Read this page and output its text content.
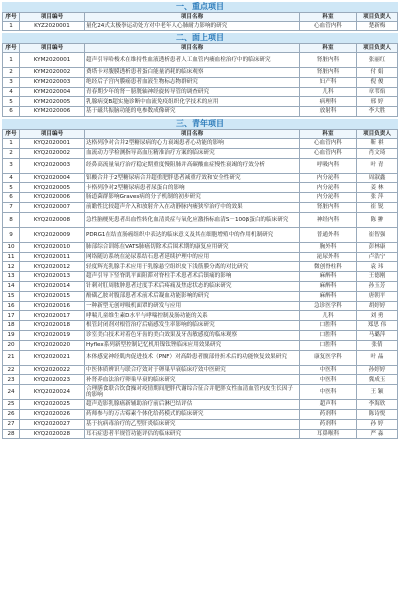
一、重点项目
序号	项目编号	项目名称	科室	项目负责人
1	KYZ2020001	量化24式太极拳运动处方对中老年人心肺耐力影响的研究	心血管内科	楚新梅
二、面上项目
序号	项目编号	项目名称	科室	项目负责人
1	KYM2020001	超声引导哈梭术在维持性血液透析患者人工血管内瘘血栓治疗中的临床研究	肾脏内科	张丽红
2	KYM2020002	费塔卡对腹膜透析患者蛋白能量消耗的临床观察	肾脏内科	付 娟
3	KYM2020003	绝经后子宫内膜癌患者血液生物标志物群研究	妇产科	倪 俊
4	KYM2020004	青春期少年的肾－膀胱轴神经旋转导管的调查研究	儿科	章苇焰
5	KYM2020005	乳腺病变B超实施诊断中血流免疫组织化学技术的应用	病理科	邢 婷
6	KYM2020006	基于磁共振脑功能的电参数成像研究	放射科	李大胜
三、青年项目
序号	项目编号	项目名称	科室	项目负责人
1	KYQ2020001	达格列净对合并2型糖尿病的心力衰竭患者心功能的影响	心血管内科	靳 祺
2	KYQ2020002	血流动力学检测指导高血压精准治疗方案的临床研究	心血管内科	肖文琦
3	KYQ2020003	经鼻高流量氧疗治疗稳定期重度慢阻肺并高碳酸血症慢性衰竭的疗效分析	呼吸内科	叶 青
4	KYQ2020004	铝酸合并于2型糖尿病合并超重肥胖患者减重疗效和安全性研究	内分泌科	周淑鑫
5	KYQ2020005	卡格列净对2型糖尿病患者尿蛋白的影响	内分泌科	姜 林
6	KYQ2020006	肠道菌群影响Graves病的分子机制的初步研究	内分泌科	张 萍
7	KYQ2020007	前瞻性比较超声介入和放射介入在动静脉内瘘狭窄治疗中的效果	肾脏内科	崔 锐
8	KYQ2020008	急性脑梗死患者出血性转化血清炎症与氧化应激指标血清S－100β蛋白的临床研究	神经内科	陈 翀
9	KYQ2020009	PDRG1在结直肠癌组织中表达的临床意义及其在细胞增殖中的作用机制研究	普通外科	崔智强
10	KYQ2020010	肺部综合训练在VATS肺癌切除术后围术期的康复应用研究	胸外科	彭林康
11	KYQ2020011	网络随访系统在泌尿系结石患者延续护理中的应用	泌尿外科	卢浩宁
12	KYQ2020012	轻度辉光乳腺手术应用于乳腺悬空组织皮下浅筋膜分离的对比研究	微创脊柱科	袁 玮
13	KYQ2020013	超声引导下竖脊肌平面阻滞对脊柱手术患者术后镇痛的影响	麻醉科	王德刚
14	KYQ2020014	针刺对肛周脓肿患者过度手术后疼痛及焦虑状态的临床研究	麻醉科	孙玉芳
15	KYQ2020015	酚磺乙胺对腹部患者术前术后凝血功能影响的研究	麻醉科	唐朝平
16	KYQ2020016	一种新型无创呼吸机面罩的研发与应用	急诊医学科	胡婷婷
17	KYQ2020017	哮喘儿童维生素D水平与哮喘控制及肠功能的关系	儿科	刘 勇
18	KYQ2020018	根管封闭剂对根管治疗后痛感发生率影响的临床研究	口腔科	郑思 伟
19	KYQ2020019	诊室美白技术对着色牙齿的美白效果及牙齿敏感度的临床观察	口腔科	马璐萍
20	KYQ2020020	Hyflex系列新型控制记忆机用镍钛锉临床应用效果研究	口腔科	张倩
21	KYQ2020021	本体感觉神经肌肉促进技术（PNF）对高龄患者髋部骨折术后的功能恢复效果研究	康复医学科	叶 晶
22	KYQ2020022	中医体质辨识与联合疗效对于卵巢早衰临床疗效中医研究	中医科	孙婷婷
23	KYQ2020023	补肾养血法治疗卵巢早衰的临床研究	中医科	冀成玉
24	KYQ2020024	合理膳食联合饮食操对疫情期间肥胖代谢综合征合并肥胖女性血清血管内皮生长因子的影响	中医科	王 颖
25	KYQ2020025	超声造影乳腺癌新辅助治疗前后淋巴结评估	超声科	李海欣
26	KYQ2020026	药师参与的万古霉素个体化给药模式的临床研究	药剂科	陈诗悦
27	KYQ2020027	基于抗病毒治疗的乙型肝炎临床研究	药剂科	孙 婷
28	KYQ2020028	耳石症患者半规管功能评估的临床研究	耳鼻喉科	严 淼
